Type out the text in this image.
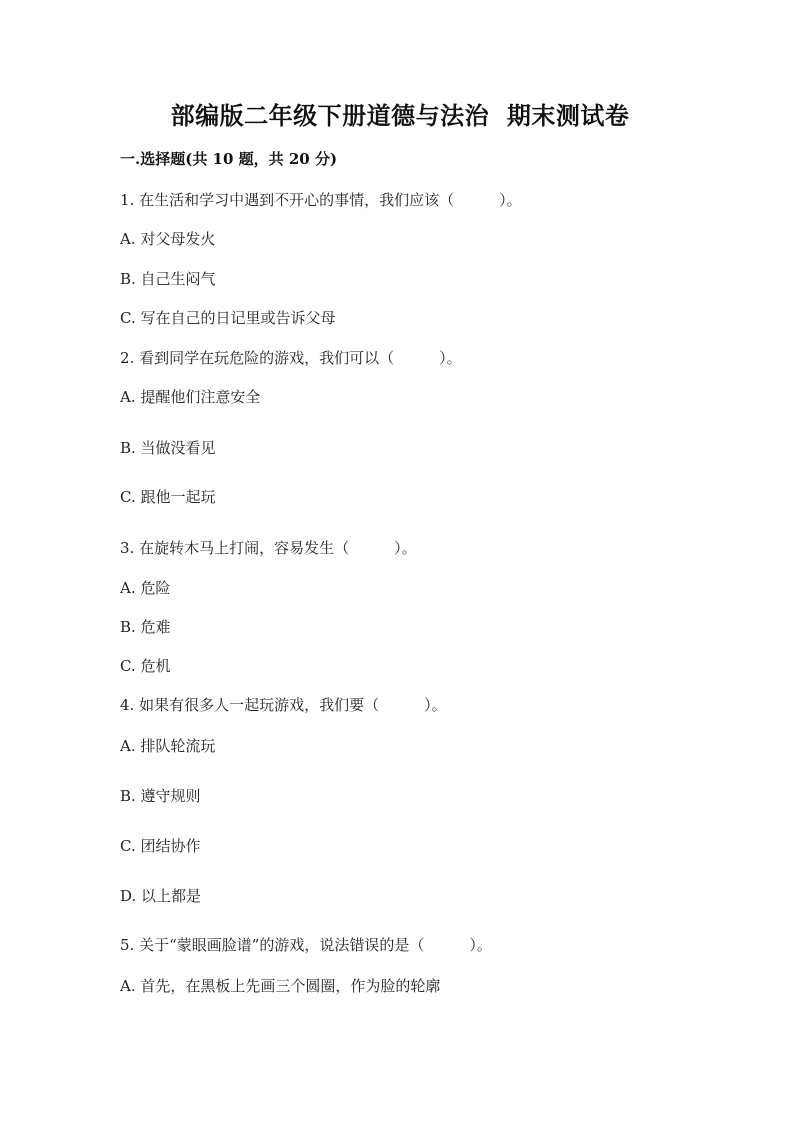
部编版二年级下册道德与法治  期末测试卷
一.选择题(共 10 题，共 20 分)
1. 在生活和学习中遇到不开心的事情，我们应该（　　　）。
A. 对父母发火
B. 自己生闷气
C. 写在自己的日记里或告诉父母
2. 看到同学在玩危险的游戏，我们可以（　　　）。
A. 提醒他们注意安全
B. 当做没看见
C. 跟他一起玩
3. 在旋转木马上打闹，容易发生（　　　）。
A. 危险
B. 危难
C. 危机
4. 如果有很多人一起玩游戏，我们要（　　　）。
A. 排队轮流玩
B. 遵守规则
C. 团结协作
D. 以上都是
5. 关于“蒙眼画脸谱”的游戏，说法错误的是（　　　）。
A. 首先，在黑板上先画三个圆圈，作为脸的轮廓
